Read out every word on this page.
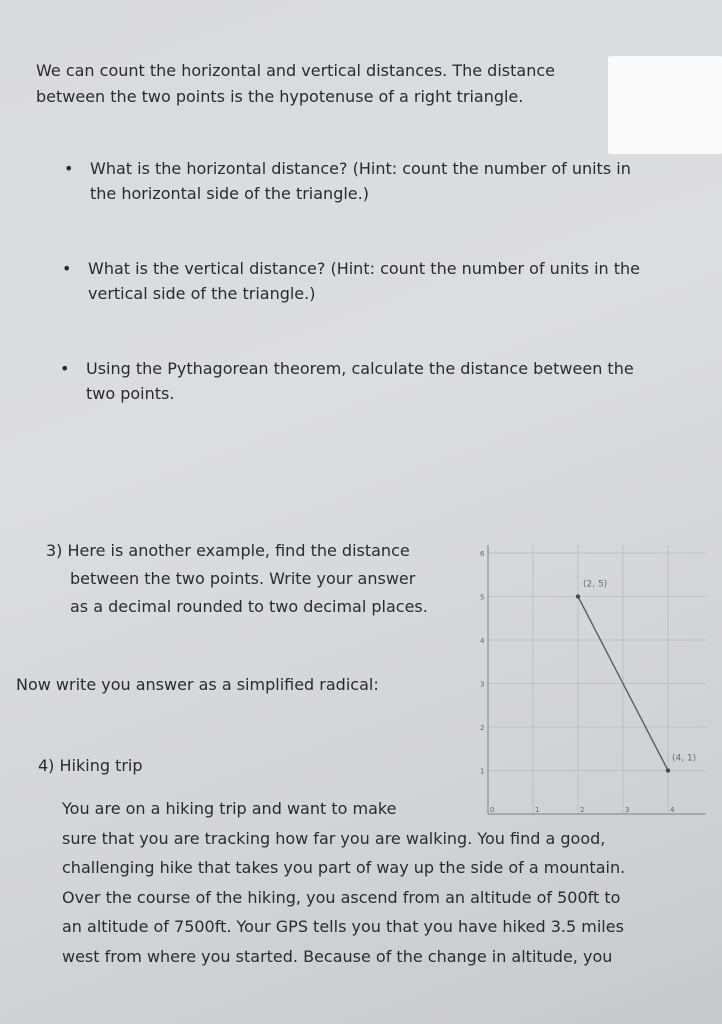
We can count the horizontal and vertical distances. The distance
between the two points is the hypotenuse of a right triangle.
• What is the horizontal distance? (Hint: count the number of units in
the horizontal side of the triangle.)
• What is the vertical distance? (Hint: count the number of units in the
vertical side of the triangle.)
• Using the Pythagorean theorem, calculate the distance between the
two points.
3) Here is another example, find the distance
between the two points. Write your answer
as a decimal rounded to two decimal places.
Now write you answer as a simplified radical:
4) Hiking trip
You are on a hiking trip and want to make
sure that you are tracking how far you are walking. You find a good,
challenging hike that takes you part of way up the side of a mountain.
Over the course of the hiking, you ascend from an altitude of 500ft to
an altitude of 7500ft. Your GPS tells you that you have hiked 3.5 miles
west from where you started. Because of the change in altitude, you
0	1	2	3	4
1
2
3
4
5
6
(2, 5)
(4, 1)
